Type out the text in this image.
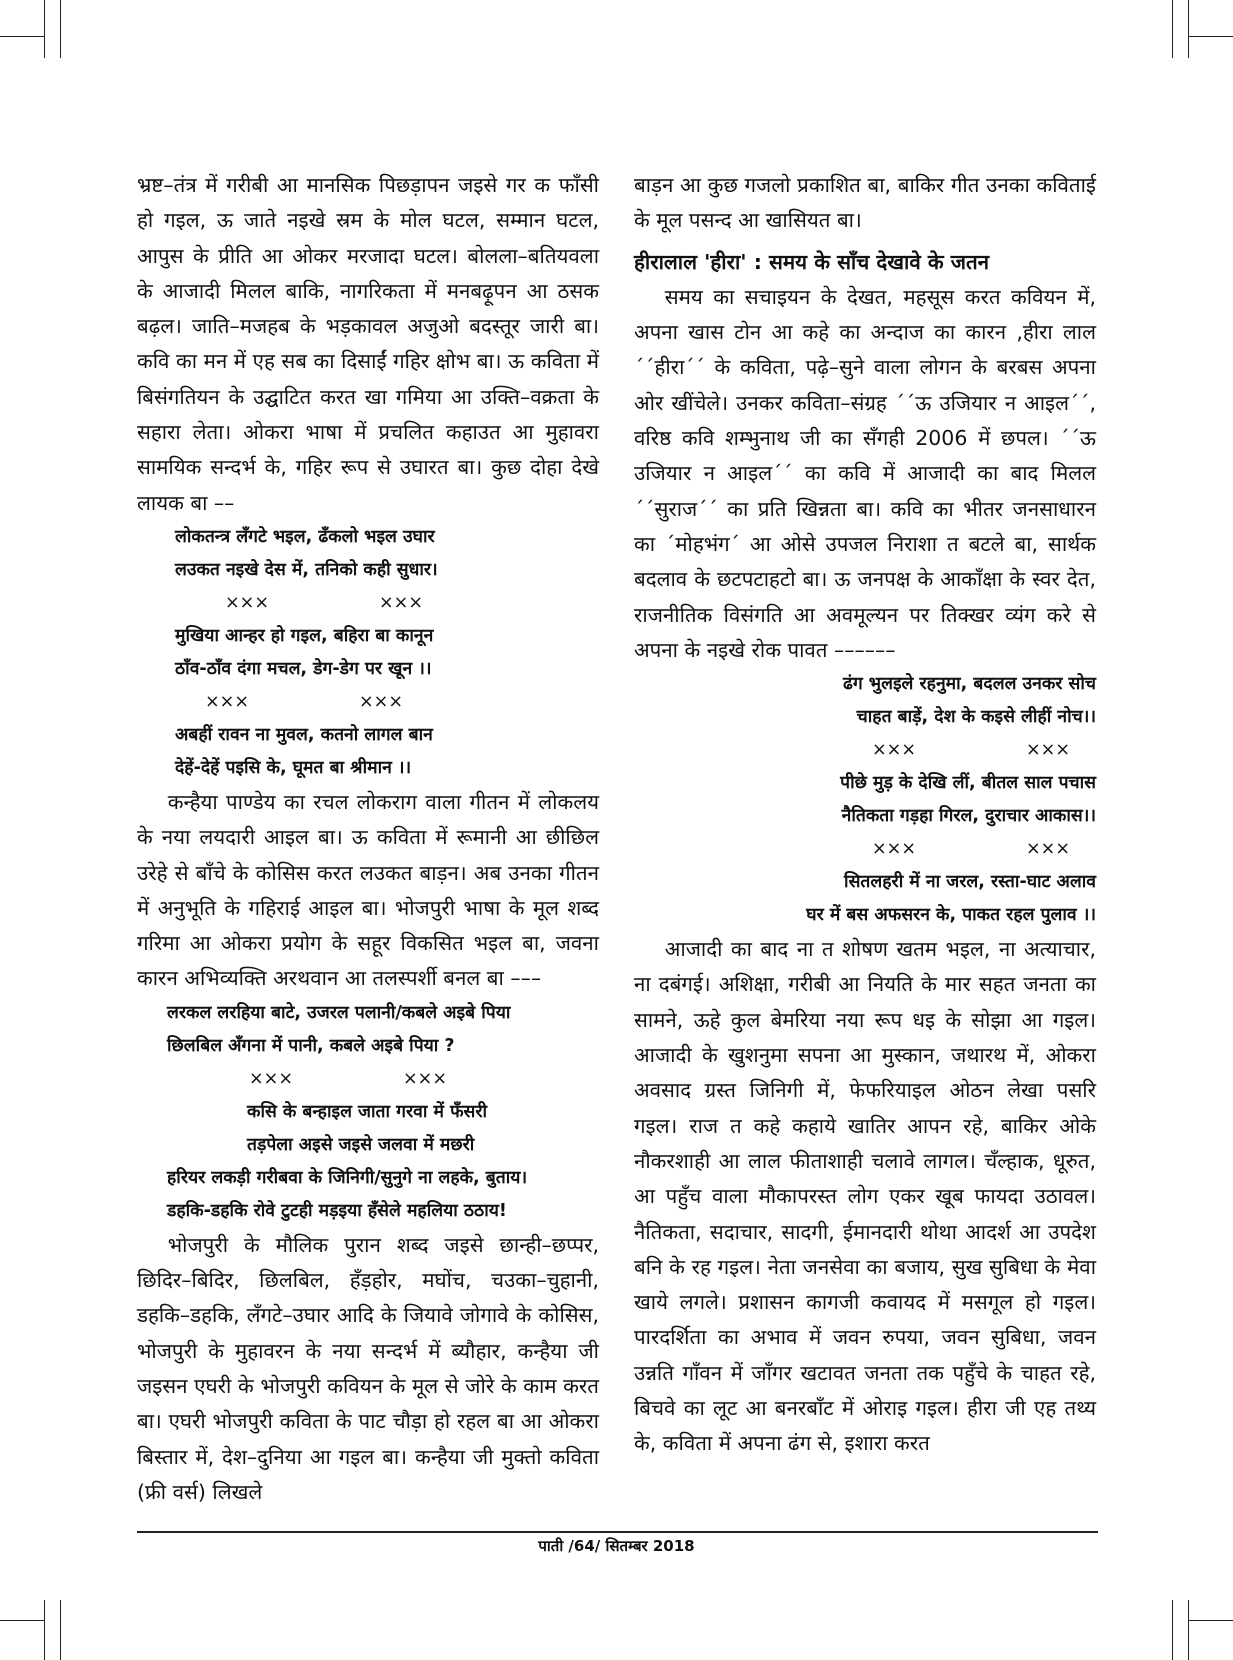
भ्रष्ट–तंत्र में गरीबी आ मानसिक पिछड़ापन जइसे गर क फाँसी हो गइल, ऊ जाते नइखे स्रम के मोल घटल, सम्मान घटल, आपुस के प्रीति आ ओकर मरजादा घटल। बोलला–बतियवला के आजादी मिलल बाकि, नागरिकता में मनबढ़ूपन आ ठसक बढ़ल। जाति–मजहब के भड़कावल अजुओ बदस्तूर जारी बा। कवि का मन में एह सब का दिसाईं गहिर क्षोभ बा। ऊ कविता में बिसंगतियन के उद्घाटित करत खा गमिया आ उक्ति–वक्रता के सहारा लेता। ओकरा भाषा में प्रचलित कहाउत आ मुहावरा सामयिक सन्दर्भ के, गहिर रूप से उघारत बा। कुछ दोहा देखे लायक बा ––

लोकतन्त्र लँगटे भइल, ढँकलो भइल उघार
लउकत नइखे देस में, तनिको कही सुधार।
×××	×××
मुखिया आन्हर हो गइल, बहिरा बा कानून
ठाँव-ठाँव दंगा मचल, डेग-डेग पर खून ।।
×××	×××
अबहीं रावन ना मुवल, कतनो लागल बान
देहें-देहें पइसि के, घूमत बा श्रीमान ।।

कन्हैया पाण्डेय का रचल लोकराग वाला गीतन में लोकलय के नया लयदारी आइल बा। ऊ कविता में रूमानी आ छीछिल उरेहे से बाँचे के कोसिस करत लउकत बाड़न। अब उनका गीतन में अनुभूति के गहिराई आइल बा। भोजपुरी भाषा के मूल शब्द गरिमा आ ओकरा प्रयोग के सहूर विकसित भइल बा, जवना कारन अभिव्यक्ति अरथवान आ तलस्पर्शी बनल बा –––

लरकल लरहिया बाटे, उजरल पलानी/कबले अइबे पिया
छिलबिल अँगना में पानी, कबले अइबे पिया ?
×××	×××
कसि के बन्हाइल जाता गरवा में फँसरी
तड़पेला अइसे जइसे जलवा में मछरी
हरियर लकड़ी गरीबवा के जिनिगी/सुनुगे ना लहके, बुताय।
डहकि-डहकि रोवे टुटही मड़इया हँसेले महलिया ठठाय!

भोजपुरी के मौलिक पुरान शब्द जइसे छान्ही–छप्पर, छिदिर–बिदिर, छिलबिल, हँड़होर, मघोंच, चउका–चुहानी, डहकि–डहकि, लँगटे–उघार आदि के जियावे जोगावे के कोसिस, भोजपुरी के मुहावरन के नया सन्दर्भ में ब्यौहार, कन्हैया जी जइसन एघरी के भोजपुरी कवियन के मूल से जोरे के काम करत बा। एघरी भोजपुरी कविता के पाट चौड़ा हो रहल बा आ ओकरा बिस्तार में, देश–दुनिया आ गइल बा। कन्हैया जी मुक्तो कविता (फ्री वर्स) लिखले

बाड़न आ कुछ गजलो प्रकाशित बा, बाकिर गीत उनका कविताई के मूल पसन्द आ खासियत बा।

हीरालाल 'हीरा' : समय के साँच देखावे के जतन

समय का सचाइयन के देखत, महसूस करत कवियन में, अपना खास टोन आ कहे का अन्दाज का कारन ,हीरा लाल ´´हीरा´´ के कविता, पढ़े–सुने वाला लोगन के बरबस अपना ओर खींचेले। उनकर कविता–संग्रह ´´ऊ उजियार न आइल´´, वरिष्ठ कवि शम्भुनाथ जी का सँगही 2006 में छपल। ´´ऊ उजियार न आइल´´ का कवि में आजादी का बाद मिलल ´´सुराज´´ का प्रति खिन्नता बा। कवि का भीतर जनसाधारन का ´मोहभंग´ आ ओसे उपजल निराशा त बटले बा, सार्थक बदलाव के छटपटाहटो बा। ऊ जनपक्ष के आकाँक्षा के स्वर देत, राजनीतिक विसंगति आ अवमूल्यन पर तिक्खर व्यंग करे से अपना के नइखे रोक पावत ––––––

ढंग भुलइले रहनुमा, बदलल उनकर सोच
चाहत बाड़ें, देश के कइसे लीहीं नोच।।
×××	×××
पीछे मुड़ के देखि लीं, बीतल साल पचास
नैतिकता गड़हा गिरल, दुराचार आकास।।
×××	×××
सितलहरी में ना जरल, रस्ता-घाट अलाव
घर में बस अफसरन के, पाकत रहल पुलाव ।।

आजादी का बाद ना त शोषण खतम भइल, ना अत्याचार, ना दबंगई। अशिक्षा, गरीबी आ नियति के मार सहत जनता का सामने, ऊहे कुल बेमरिया नया रूप धइ के सोझा आ गइल। आजादी के खुशनुमा सपना आ मुस्कान, जथारथ में, ओकरा अवसाद ग्रस्त जिनिगी में, फेफरियाइल ओठन लेखा पसरि गइल। राज त कहे कहाये खातिर आपन रहे, बाकिर ओके नौकरशाही आ लाल फीताशाही चलावे लागल। चँल्हाक, धूरुत, आ पहुँच वाला मौकापरस्त लोग एकर खूब फायदा उठावल। नैतिकता, सदाचार, सादगी, ईमानदारी थोथा आदर्श आ उपदेश बनि के रह गइल। नेता जनसेवा का बजाय, सुख सुबिधा के मेवा खाये लगले। प्रशासन कागजी कवायद में मसगूल हो गइल। पारदर्शिता का अभाव में जवन रुपया, जवन सुबिधा, जवन उन्नति गाँवन में जाँगर खटावत जनता तक पहुँचे के चाहत रहे, बिचवे का लूट आ बनरबाँट में ओराइ गइल। हीरा जी एह तथ्य के, कविता में अपना ढंग से, इशारा करत

पाती /64/ सितम्बर 2018
